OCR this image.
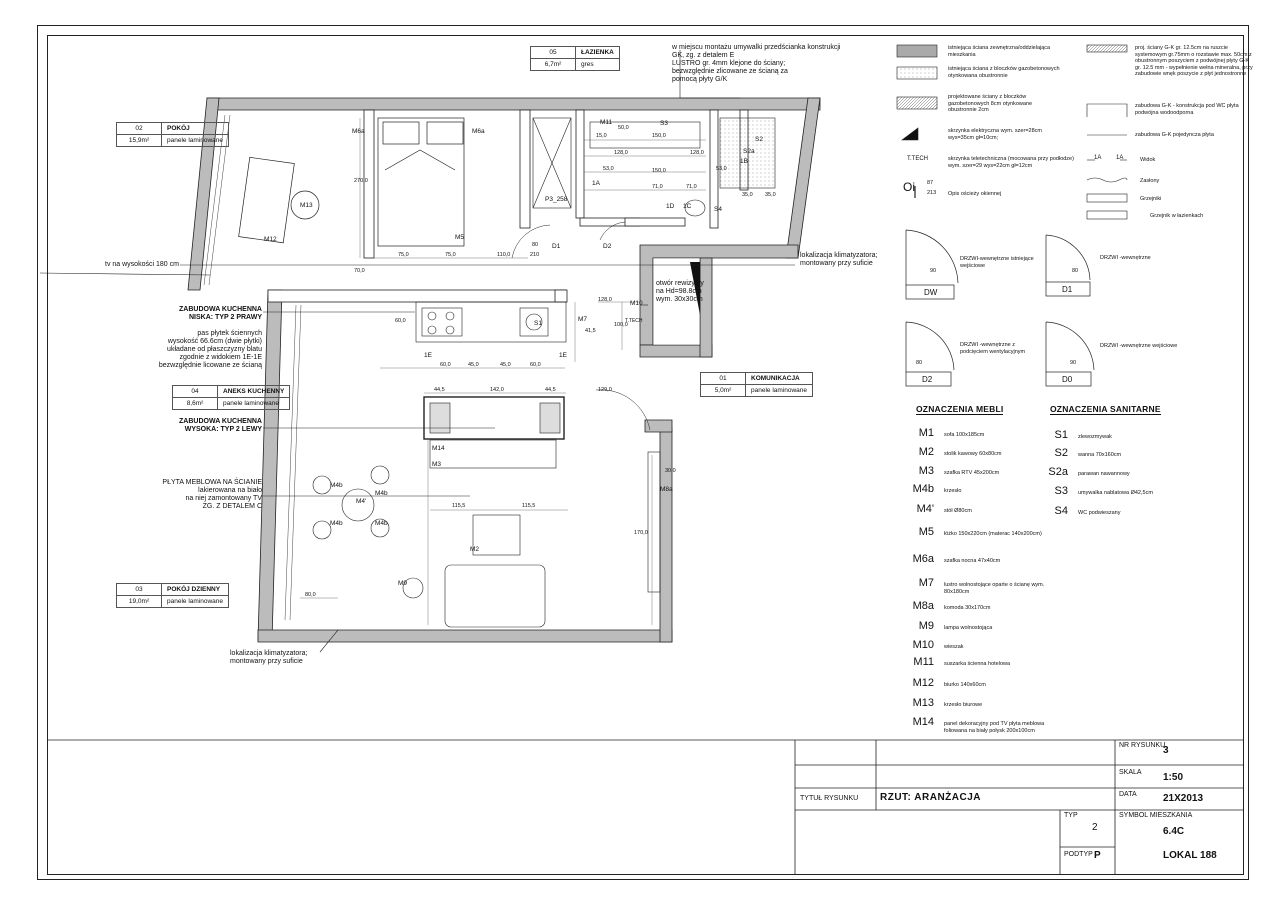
05	ŁAZIENKA
6,7m²	gres
02	POKÓJ
15,9m²	panele laminowane
04	ANEKS KUCHENNY
8,6m²	panele laminowane
01	KOMUNIKACJA
5,0m²	panele laminowane
03	POKÓJ DZIENNY
19,0m²	panele laminowane
w miejscu montażu umywalki przedścianka konstrukcji
GK, zg. z detalem E
LUSTRO gr. 4mm klejone do ściany;
bezwzględnie zlicowane ze ścianą za
pomocą płyty G/K
tv na wysokości 180 cm
lokalizacja klimatyzatora;
montowany przy suficie
otwór rewizyjny
na Hd=98.8cm
wym. 30x30cm
ZABUDOWA KUCHENNA
NISKA: TYP 2 PRAWY
pas płytek ściennych
wysokość 66.6cm (dwie płytki)
układane od płaszczyzny blatu
zgodnie z widokiem 1E-1E
bezwzględnie licowane ze ścianą
ZABUDOWA KUCHENNA
WYSOKA: TYP 2 LEWY
PŁYTA MEBLOWA NA ŚCIANIE
lakierowana na biało
na niej zamontowany TV
ZG. Z DETALEM C
lokalizacja klimatyzatora;
montowany przy suficie
M6a	M6a
M5
M13
M12
M11	S3
S4
S2a
S2
S1
P3_258
D1	D2
M10
M7
M14
M3
M4b
M4b
M4b	M4b
M4'
M2
M9
M8a
T.TECH
1E	1E
1A
1B
1C
1D
75,0	75,0	110,0
80
210
270,0
70,0
150,0
150,0
128,0	128,0
53,0	53,0
71,0	71,0
15,0
50,0
35,0 35,0
60,0	45,0	45,0	60,0
60,0
44,5	142,0	44,5
115,5	115,5
129,0
128,0
41,5
100,0
80,0
170,0
30,0
istniejąca ściana zewnętrzna/oddzielająca mieszkania
istniejąca ściana z bloczków gazobetonowych otynkowana obustronnie
projektowane ściany z bloczków gazobetonowych 8cm otynkowane obustronnie 2cm
skrzynka elektryczna wym. szer=28cm wys=35cm gł=10cm;
skrzynka teletechniczna (mocowana przy podłodze) wym. szer=29 wys=22cm gł=12cm
Opis ościeży okiennej
T.TECH
Oi 87
213
proj. ściany G-K gr. 12.5cm na ruszcie systemowym gr.75mm o rozstawie max. 50cm z obustronnym poszyciem z podwójnej płyty G-K gr. 12.5 mm - wypełnienie wełna mineralna, przy zabudowie wnęk poszycie z płyt jednostronne
zabudowa G-K - konstrukcja pod WC płyta podwójna wodoodporna
zabudowa G-K pojedyncza płyta
Widok
Zasłony
Grzejniki
Grzejnik w łazienkach
1A 1A
DRZWI-wewnętrzne istniejące wejściowe
DW
90
DRZWI -wewnętrzne
D1
80
DRZWI -wewnętrzne z podcięciem wentylacyjnym
D2
80
DRZWI -wewnętrzne wejściowe
D0
90
OZNACZENIA MEBLI
M1	sofa 100x185cm
M2	stolik kawowy 60x80cm
M3	szafka RTV 45x200cm
M4b	krzesło
M4'	stół Ø80cm
M5	łóżko 150x220cm (materac 140x200cm)
M6a	szafka nocna 47x40cm
M7	lustro wolnostojące oparte o ścianę wym. 80x180cm
M8a	komoda 30x170cm
M9	lampa wolnostojąca
M10	wieszak
M11	suszarka ścienna hotelowa
M12	biurko 140x60cm
M13	krzesło biurowe
M14	panel dekoracyjny pod TV płyta meblowa foliowana na biały połysk 200x100cm
OZNACZENIA SANITARNE
S1	zlewozmywak
S2	wanna 70x160cm
S2a	parawan nawannowy
S3	umywalka nablatowa Ø42,5cm
S4	WC podwieszany
NR RYSUNKU
3
SKALA 1:50
DATA	21X2013
TYTUŁ RYSUNKU RZUT: ARANŻACJA
TYP
2
SYMBOL MIESZKANIA
6.4C
PODTYP P	LOKAL 188
